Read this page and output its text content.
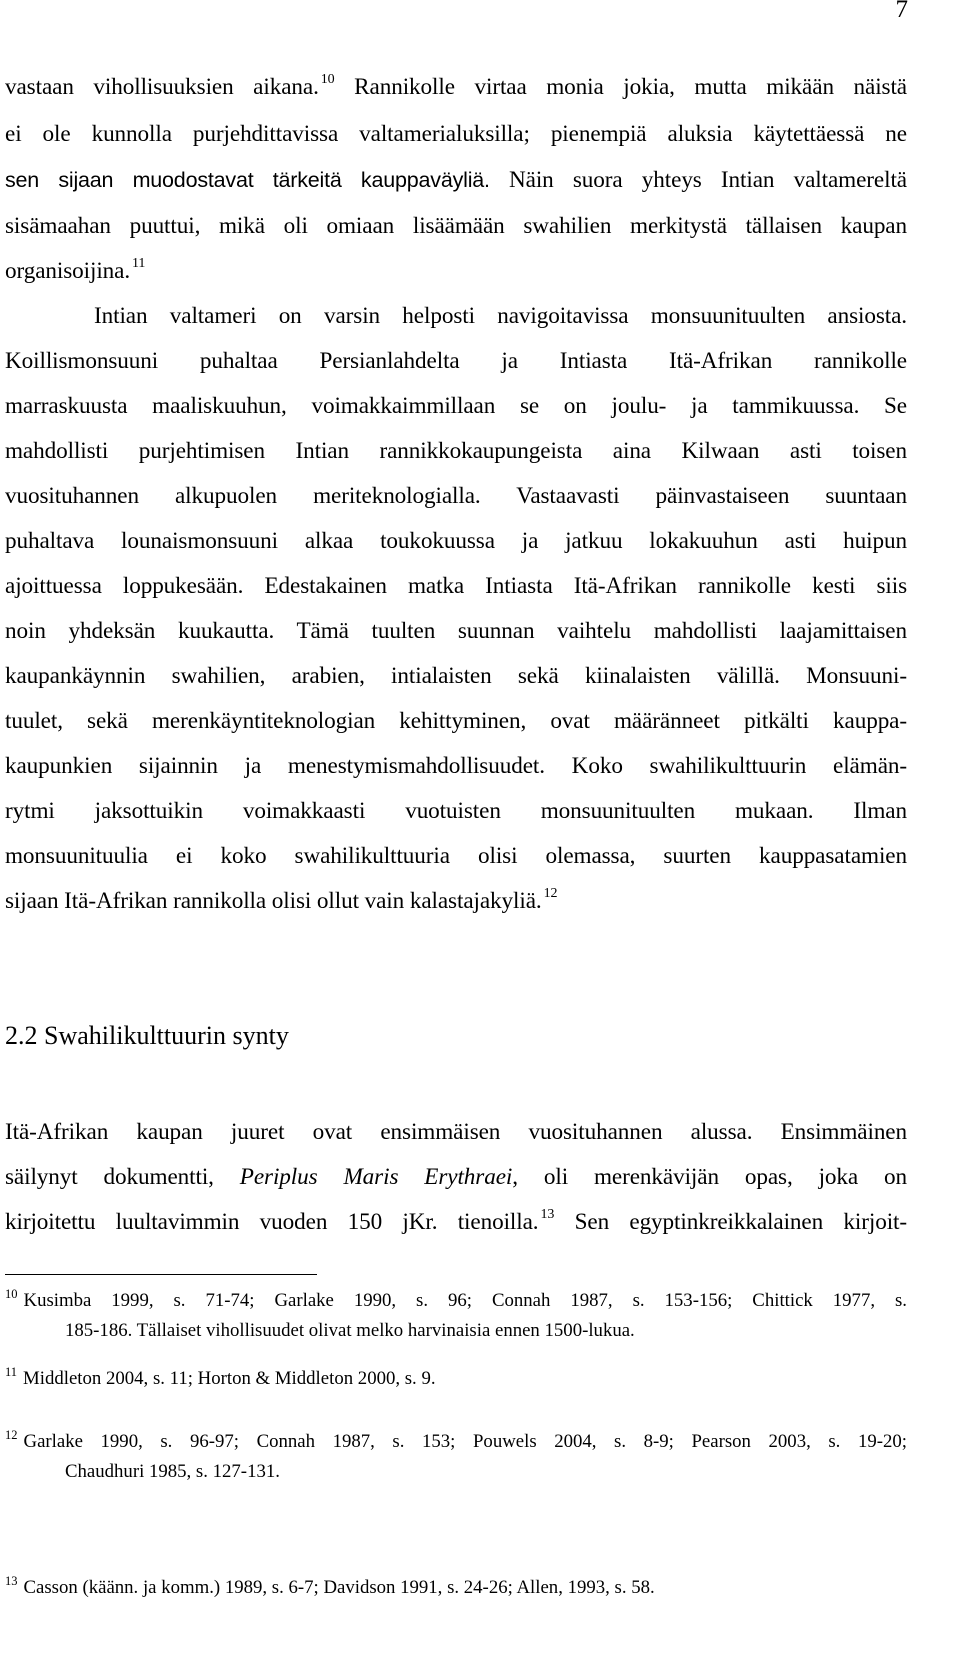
7
vastaan vihollisuuksien aikana. $^{10}$ Rannikolle virtaa monia jokia, mutta mikään näistä
ei ole kunnolla purjehdittavissa valtamerialuksilla; pienempiä aluksia käytettäessä ne
sen sijaan muodostavat tärkeitä kauppaväyliä. Näin suora yhteys Intian valtamereltä
sisämaahan puuttui, mikä oli omiaan lisäämään swahilien merkitystä tällaisen kaupan
organisoijina. $^{11}$
Intian valtameri on varsin helposti navigoitavissa monsuunituulten ansiosta.
Koillismonsuuni puhaltaa Persianlahdelta ja Intiasta Itä-Afrikan rannikolle
marraskuusta maaliskuuhun, voimakkaimmillaan se on joulu- ja tammikuussa. Se
mahdollisti purjehtimisen Intian rannikkokaupungeista aina Kilwaan asti toisen
vuosituhannen alkupuolen meriteknologialla. Vastaavasti päinvastaiseen suuntaan
puhaltava lounaismonsuuni alkaa toukokuussa ja jatkuu lokakuuhun asti huipun
ajoittuessa loppukesään. Edestakainen matka Intiasta Itä-Afrikan rannikolle kesti siis
noin yhdeksän kuukautta. Tämä tuulten suunnan vaihtelu mahdollisti laajamittaisen
kaupankäynnin swahilien, arabien, intialaisten sekä kiinalaisten välillä. Monsuuni-
tuulet, sekä merenkäyntiteknologian kehittyminen, ovat määränneet pitkälti kauppa-
kaupunkien sijainnin ja menestymismahdollisuudet. Koko swahilikulttuurin elämän-
rytmi jaksottuikin voimakkaasti vuotuisten monsuunituulten mukaan. Ilman
monsuunituulia ei koko swahilikulttuuria olisi olemassa, suurten kauppasatamien
sijaan Itä-Afrikan rannikolla olisi ollut vain kalastajakyliä. $^{12}$
2.2 Swahilikulttuurin synty
Itä-Afrikan kaupan juuret ovat ensimmäisen vuosituhannen alussa. Ensimmäinen
säilynyt dokumentti, Periplus Maris Erythraei, oli merenkävijän opas, joka on
kirjoitettu luultavimmin vuoden 150 jKr. tienoilla. $^{13}$ Sen egyptinkreikkalainen kirjoit-
$^{10}$ Kusimba 1999, s. 71-74; Garlake 1990, s. 96; Connah 1987, s. 153-156; Chittick 1977, s.
185-186. Tällaiset vihollisuudet olivat melko harvinaisia ennen 1500-lukua.
$^{11}$ Middleton 2004, s. 11; Horton & Middleton 2000, s. 9.
$^{12}$ Garlake 1990, s. 96-97; Connah 1987, s. 153; Pouwels 2004, s. 8-9; Pearson 2003, s. 19-20;
Chaudhuri 1985, s. 127-131.
$^{13}$ Casson (käänn. ja komm.) 1989, s. 6-7; Davidson 1991, s. 24-26; Allen, 1993, s. 58.
